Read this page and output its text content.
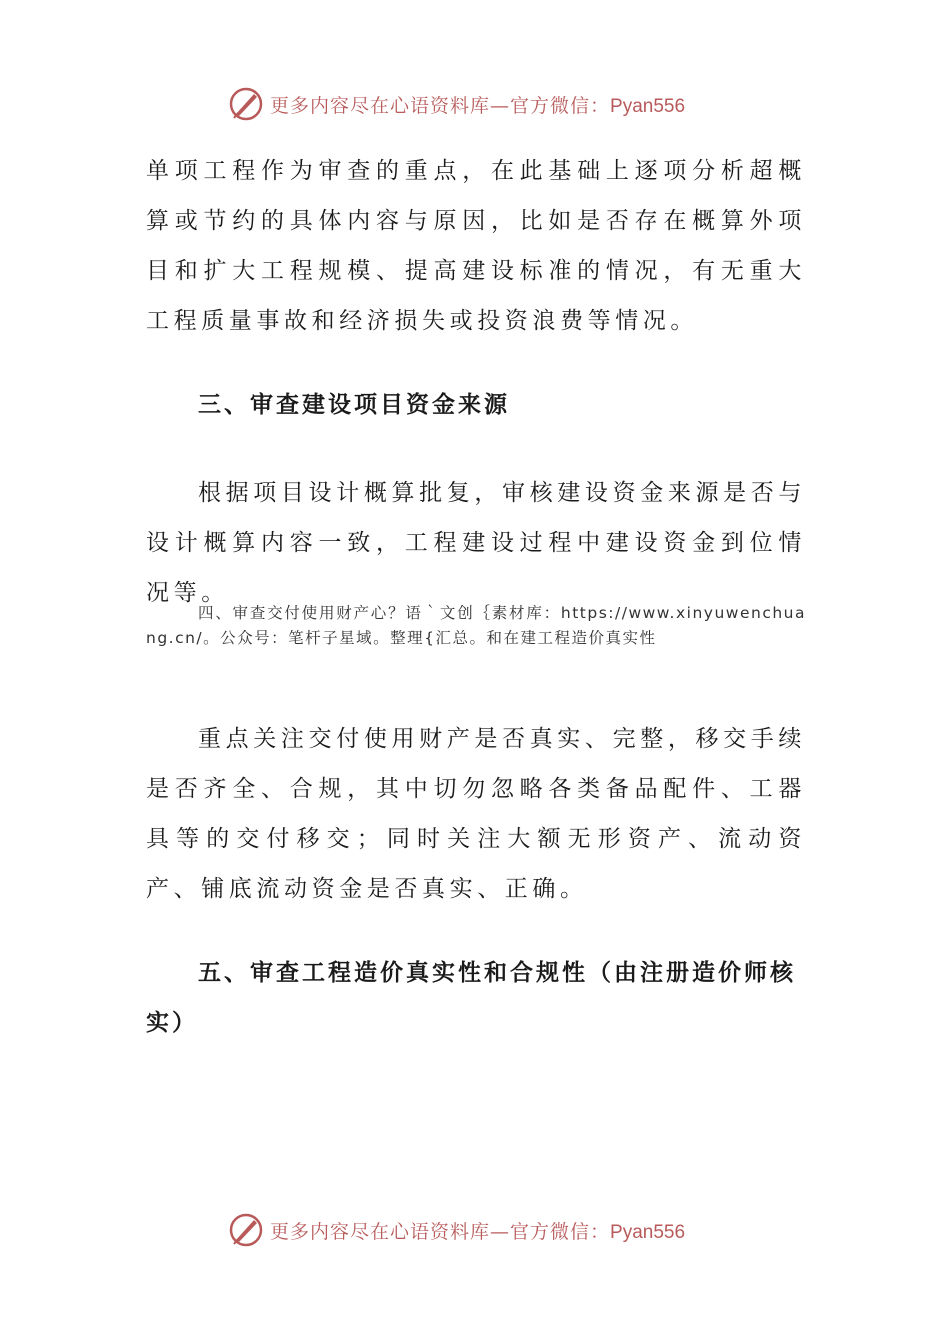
更多内容尽在心语资料库—官方微信：Pyan556

单项工程作为审查的重点，在此基础上逐项分析超概算或节约的具体内容与原因，比如是否存在概算外项目和扩大工程规模、提高建设标准的情况，有无重大工程质量事故和经济损失或投资浪费等情况。

三、审查建设项目资金来源

根据项目设计概算批复，审核建设资金来源是否与设计概算内容一致，工程建设过程中建设资金到位情况等。

四、审查交付使用财产心？语｀文创｛素材库：https://www.xinyuwenchuang.cn/。公众号：笔杆子星域。整理{汇总。和在建工程造价真实性

重点关注交付使用财产是否真实、完整，移交手续是否齐全、合规，其中切勿忽略各类备品配件、工器具等的交付移交；同时关注大额无形资产、流动资产、铺底流动资金是否真实、正确。

五、审查工程造价真实性和合规性（由注册造价师核实）

更多内容尽在心语资料库—官方微信：Pyan556
